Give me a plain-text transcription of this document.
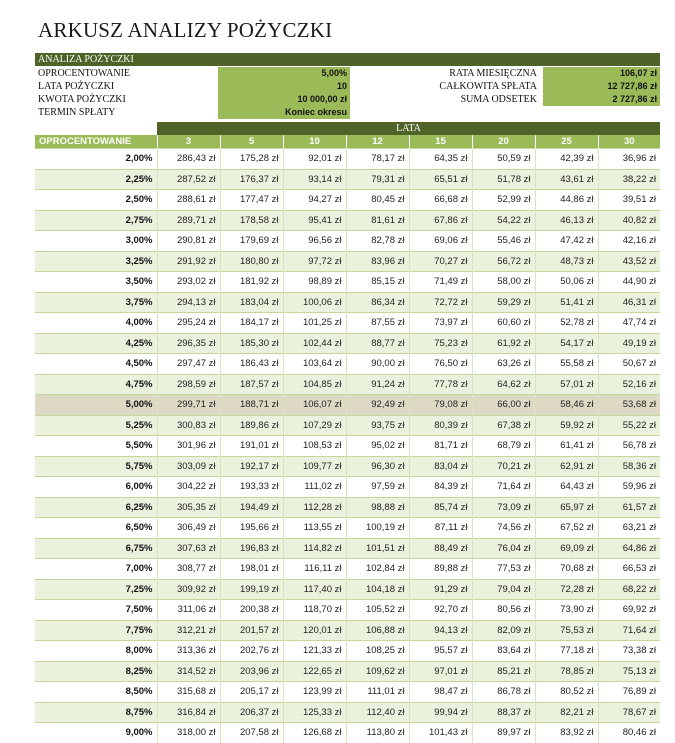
ARKUSZ ANALIZY POŻYCZKI
ANALIZA POŻYCZKI
OPROCENTOWANIE	5,00%	RATA MIESIĘCZNA	106,07 zł
LATA POŻYCZKI	10	CAŁKOWITA SPŁATA	12 727,86 zł
KWOTA POŻYCZKI	10 000,00 zł	SUMA ODSETEK	2 727,86 zł
TERMIN SPŁATY	Koniec okresu
LATA
OPROCENTOWANIE	3	5	10	12	15	20	25	30
2,00%	286,43 zł	175,28 zł	92,01 zł	78,17 zł	64,35 zł	50,59 zł	42,39 zł	36,96 zł
2,25%	287,52 zł	176,37 zł	93,14 zł	79,31 zł	65,51 zł	51,78 zł	43,61 zł	38,22 zł
2,50%	288,61 zł	177,47 zł	94,27 zł	80,45 zł	66,68 zł	52,99 zł	44,86 zł	39,51 zł
2,75%	289,71 zł	178,58 zł	95,41 zł	81,61 zł	67,86 zł	54,22 zł	46,13 zł	40,82 zł
3,00%	290,81 zł	179,69 zł	96,56 zł	82,78 zł	69,06 zł	55,46 zł	47,42 zł	42,16 zł
3,25%	291,92 zł	180,80 zł	97,72 zł	83,96 zł	70,27 zł	56,72 zł	48,73 zł	43,52 zł
3,50%	293,02 zł	181,92 zł	98,89 zł	85,15 zł	71,49 zł	58,00 zł	50,06 zł	44,90 zł
3,75%	294,13 zł	183,04 zł	100,06 zł	86,34 zł	72,72 zł	59,29 zł	51,41 zł	46,31 zł
4,00%	295,24 zł	184,17 zł	101,25 zł	87,55 zł	73,97 zł	60,60 zł	52,78 zł	47,74 zł
4,25%	296,35 zł	185,30 zł	102,44 zł	88,77 zł	75,23 zł	61,92 zł	54,17 zł	49,19 zł
4,50%	297,47 zł	186,43 zł	103,64 zł	90,00 zł	76,50 zł	63,26 zł	55,58 zł	50,67 zł
4,75%	298,59 zł	187,57 zł	104,85 zł	91,24 zł	77,78 zł	64,62 zł	57,01 zł	52,16 zł
5,00%	299,71 zł	188,71 zł	106,07 zł	92,49 zł	79,08 zł	66,00 zł	58,46 zł	53,68 zł
5,25%	300,83 zł	189,86 zł	107,29 zł	93,75 zł	80,39 zł	67,38 zł	59,92 zł	55,22 zł
5,50%	301,96 zł	191,01 zł	108,53 zł	95,02 zł	81,71 zł	68,79 zł	61,41 zł	56,78 zł
5,75%	303,09 zł	192,17 zł	109,77 zł	96,30 zł	83,04 zł	70,21 zł	62,91 zł	58,36 zł
6,00%	304,22 zł	193,33 zł	111,02 zł	97,59 zł	84,39 zł	71,64 zł	64,43 zł	59,96 zł
6,25%	305,35 zł	194,49 zł	112,28 zł	98,88 zł	85,74 zł	73,09 zł	65,97 zł	61,57 zł
6,50%	306,49 zł	195,66 zł	113,55 zł	100,19 zł	87,11 zł	74,56 zł	67,52 zł	63,21 zł
6,75%	307,63 zł	196,83 zł	114,82 zł	101,51 zł	88,49 zł	76,04 zł	69,09 zł	64,86 zł
7,00%	308,77 zł	198,01 zł	116,11 zł	102,84 zł	89,88 zł	77,53 zł	70,68 zł	66,53 zł
7,25%	309,92 zł	199,19 zł	117,40 zł	104,18 zł	91,29 zł	79,04 zł	72,28 zł	68,22 zł
7,50%	311,06 zł	200,38 zł	118,70 zł	105,52 zł	92,70 zł	80,56 zł	73,90 zł	69,92 zł
7,75%	312,21 zł	201,57 zł	120,01 zł	106,88 zł	94,13 zł	82,09 zł	75,53 zł	71,64 zł
8,00%	313,36 zł	202,76 zł	121,33 zł	108,25 zł	95,57 zł	83,64 zł	77,18 zł	73,38 zł
8,25%	314,52 zł	203,96 zł	122,65 zł	109,62 zł	97,01 zł	85,21 zł	78,85 zł	75,13 zł
8,50%	315,68 zł	205,17 zł	123,99 zł	111,01 zł	98,47 zł	86,78 zł	80,52 zł	76,89 zł
8,75%	316,84 zł	206,37 zł	125,33 zł	112,40 zł	99,94 zł	88,37 zł	82,21 zł	78,67 zł
9,00%	318,00 zł	207,58 zł	126,68 zł	113,80 zł	101,43 zł	89,97 zł	83,92 zł	80,46 zł
